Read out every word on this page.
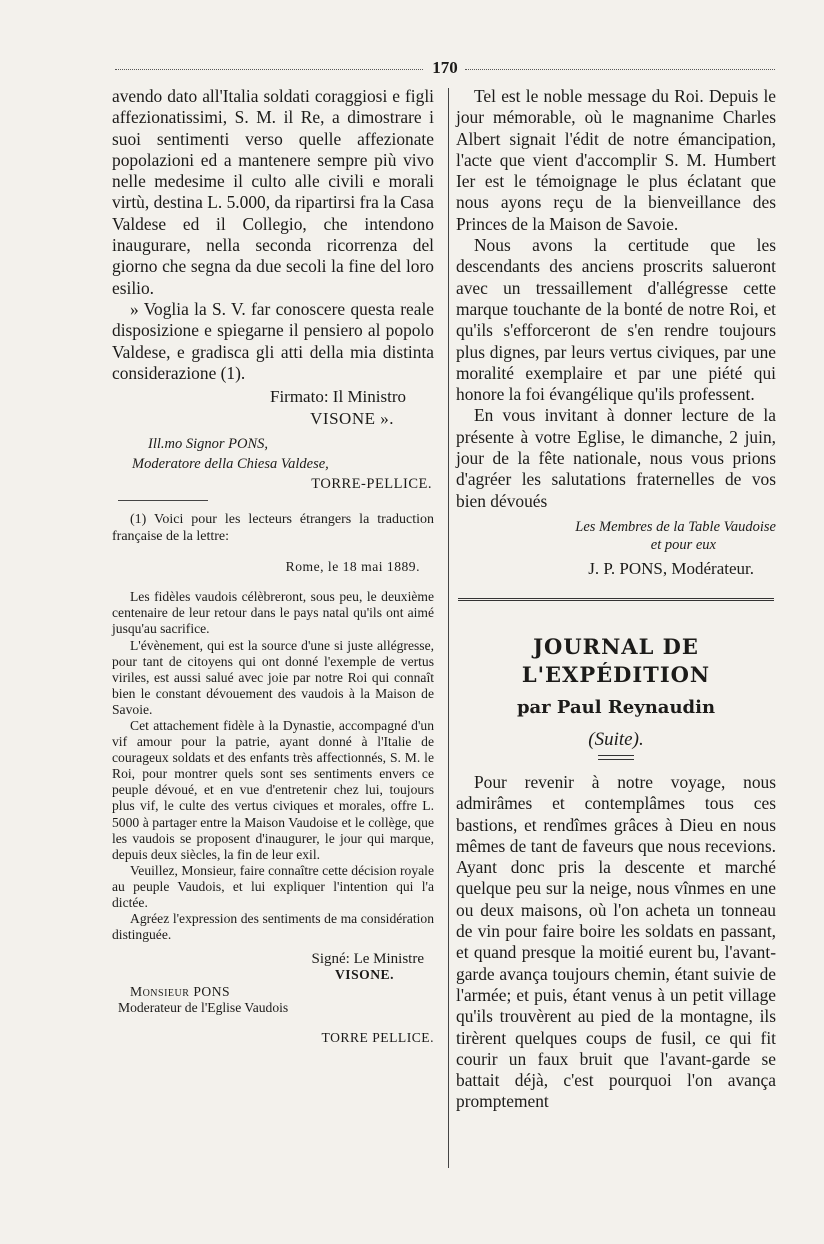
170

avendo dato all'Italia soldati coraggiosi e figli affezionatissimi, S. M. il Re, a dimostrare i suoi sentimenti verso quelle affezionate popolazioni ed a mantenere sempre più vivo nelle medesime il culto alle civili e morali virtù, destina L. 5.000, da ripartirsi fra la Casa Valdese ed il Collegio, che intendono inaugurare, nella seconda ricorrenza del giorno che segna da due secoli la fine del loro esilio.

» Voglia la S. V. far conoscere questa reale disposizione e spiegarne il pensiero al popolo Valdese, e gradisca gli atti della mia distinta considerazione (1).

Firmato: Il Ministro

VISONE ».

Ill.mo Signor PONS,

Moderatore della Chiesa Valdese,

TORRE-PELLICE.

(1) Voici pour les lecteurs étrangers la traduction française de la lettre:

Rome, le 18 mai 1889.

Les fidèles vaudois célèbreront, sous peu, le deuxième centenaire de leur retour dans le pays natal qu'ils ont aimé jusqu'au sacrifice.

L'évènement, qui est la source d'une si juste allégresse, pour tant de citoyens qui ont donné l'exemple de vertus viriles, est aussi salué avec joie par notre Roi qui connaît bien le constant dévouement des vaudois à la Maison de Savoie.

Cet attachement fidèle à la Dynastie, accompagné d'un vif amour pour la patrie, ayant donné à l'Italie de courageux soldats et des enfants très affectionnés, S. M. le Roi, pour montrer quels sont ses sentiments envers ce peuple dévoué, et en vue d'entretenir chez lui, toujours plus vif, le culte des vertus civiques et morales, offre L. 5000 à partager entre la Maison Vaudoise et le collège, que les vaudois se proposent d'inaugurer, le jour qui marque, depuis deux siècles, la fin de leur exil.

Veuillez, Monsieur, faire connaître cette décision royale au peuple Vaudois, et lui expliquer l'intention qui l'a dictée.

Agréez l'expression des sentiments de ma considération distinguée.

Signé: Le Ministre

VISONE.

Monsieur PONS

Moderateur de l'Eglise Vaudois

TORRE PELLICE.

Tel est le noble message du Roi. Depuis le jour mémorable, où le magnanime Charles Albert signait l'édit de notre émancipation, l'acte que vient d'accomplir S. M. Humbert Ier est le témoignage le plus éclatant que nous ayons reçu de la bienveillance des Princes de la Maison de Savoie.

Nous avons la certitude que les descendants des anciens proscrits salueront avec un tressaillement d'allégresse cette marque touchante de la bonté de notre Roi, et qu'ils s'efforceront de s'en rendre toujours plus dignes, par leurs vertus civiques, par une moralité exemplaire et par une piété qui honore la foi évangélique qu'ils professent.

En vous invitant à donner lecture de la présente à votre Eglise, le dimanche, 2 juin, jour de la fête nationale, nous vous prions d'agréer les salutations fraternelles de vos bien dévoués

Les Membres de la Table Vaudoise

et pour eux

J. P. PONS, Modérateur.

JOURNAL DE L'EXPÉDITION

par Paul Reynaudin

(Suite).

Pour revenir à notre voyage, nous admirâmes et contemplâmes tous ces bastions, et rendîmes grâces à Dieu en nous mêmes de tant de faveurs que nous recevions. Ayant donc pris la descente et marché quelque peu sur la neige, nous vînmes en une ou deux maisons, où l'on acheta un tonneau de vin pour faire boire les soldats en passant, et quand presque la moitié eurent bu, l'avant-garde avança toujours chemin, étant suivie de l'armée; et puis, étant venus à un petit village qu'ils trouvèrent au pied de la montagne, ils tirèrent quelques coups de fusil, ce qui fit courir un faux bruit que l'avant-garde se battait déjà, c'est pourquoi l'on avança promptement
